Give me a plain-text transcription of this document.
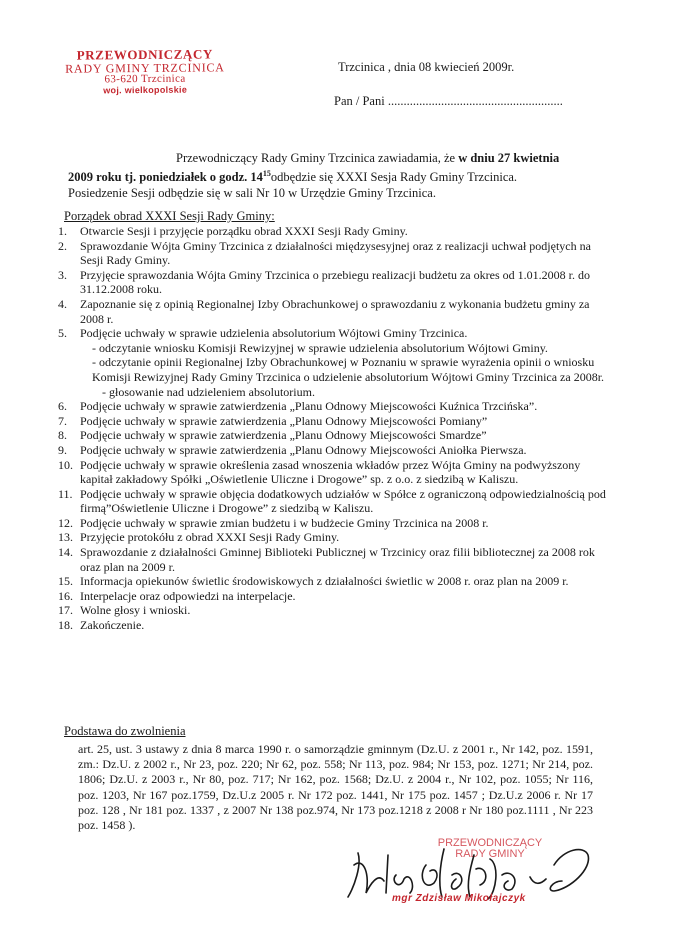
PRZEWODNICZĄCY
RADY GMINY TRZCINICA
63-620 Trzcinica
woj. wielkopolskie
Trzcinica , dnia 08 kwiecień 2009r.
Pan / Pani ........................................................
Przewodniczący Rady Gminy Trzcinica zawiadamia, że w dniu 27 kwietnia
2009 roku tj. poniedziałek o godz. $14^{15}odbędzie$ się XXXI Sesja Rady Gminy Trzcinica.
Posiedzenie Sesji odbędzie się w sali Nr 10 w Urzędzie Gminy Trzcinica.
Porządek obrad XXXI Sesji Rady Gminy:
1.	Otwarcie Sesji i przyjęcie porządku obrad XXXI Sesji Rady Gminy.
2.	Sprawozdanie Wójta Gminy Trzcinica z działalności międzysesyjnej oraz z realizacji uchwał podjętych na Sesji Rady Gminy.
3.	Przyjęcie sprawozdania Wójta Gminy Trzcinica o przebiegu realizacji budżetu za okres od 1.01.2008 r. do 31.12.2008 roku.
4.	Zapoznanie się z opinią Regionalnej Izby Obrachunkowej o sprawozdaniu z wykonania budżetu gminy za 2008 r.
5.	Podjęcie uchwały w sprawie udzielenia absolutorium Wójtowi Gminy Trzcinica.
- odczytanie wniosku Komisji Rewizyjnej w sprawie udzielenia absolutorium Wójtowi Gminy.
- odczytanie opinii Regionalnej Izby Obrachunkowej w Poznaniu w sprawie wyrażenia opinii o wniosku Komisji Rewizyjnej Rady Gminy Trzcinica o udzielenie absolutorium Wójtowi Gminy Trzcinica za 2008r.
- głosowanie nad udzieleniem absolutorium.
6.	Podjęcie uchwały w sprawie zatwierdzenia „Planu Odnowy Miejscowości Kuźnica Trzcińska”.
7.	Podjęcie uchwały w sprawie zatwierdzenia „Planu Odnowy Miejscowości Pomiany”
8.	Podjęcie uchwały w sprawie zatwierdzenia „Planu Odnowy Miejscowości Smardze”
9.	Podjęcie uchwały w sprawie zatwierdzenia „Planu Odnowy Miejscowości Aniołka Pierwsza.
10. Podjęcie uchwały w sprawie określenia zasad wnoszenia wkładów przez Wójta Gminy na podwyższony kapitał zakładowy Spółki „Oświetlenie Uliczne i Drogowe” sp. z o.o. z siedzibą w Kaliszu.
11. Podjęcie uchwały w sprawie objęcia dodatkowych udziałów w Spółce z ograniczoną odpowiedzialnością pod firmą”Oświetlenie Uliczne i Drogowe” z siedzibą w Kaliszu.
12. Podjęcie uchwały w sprawie zmian budżetu i w budżecie Gminy Trzcinica na 2008 r.
13. Przyjęcie protokółu z obrad XXXI Sesji Rady Gminy.
14. Sprawozdanie z działalności Gminnej Biblioteki Publicznej w Trzcinicy oraz filii bibliotecznej za 2008 rok oraz plan na 2009 r.
15. Informacja opiekunów świetlic środowiskowych z działalności świetlic w 2008 r. oraz plan na 2009 r.
16. Interpelacje oraz odpowiedzi na interpelacje.
17. Wolne głosy i wnioski.
18. Zakończenie.
Podstawa do zwolnienia
art. 25, ust. 3 ustawy z dnia 8 marca 1990 r. o samorządzie gminnym (Dz.U. z 2001 r., Nr 142, poz. 1591, zm.: Dz.U. z 2002 r., Nr 23, poz. 220; Nr 62, poz. 558; Nr 113, poz. 984; Nr 153, poz. 1271; Nr 214, poz. 1806; Dz.U. z 2003 r., Nr 80, poz. 717; Nr 162, poz. 1568; Dz.U. z 2004 r., Nr 102, poz. 1055; Nr 116, poz. 1203, Nr 167 poz.1759, Dz.U.z 2005 r. Nr 172 poz. 1441, Nr 175 poz. 1457 ; Dz.U.z 2006 r. Nr 17 poz. 128 , Nr 181 poz. 1337 , z 2007 Nr 138 poz.974, Nr 173 poz.1218 z 2008 r Nr 180 poz.1111 , Nr 223 poz. 1458 ).
PRZEWODNICZĄCY
RADY GMINY
mgr Zdzisław Mikołajczyk
